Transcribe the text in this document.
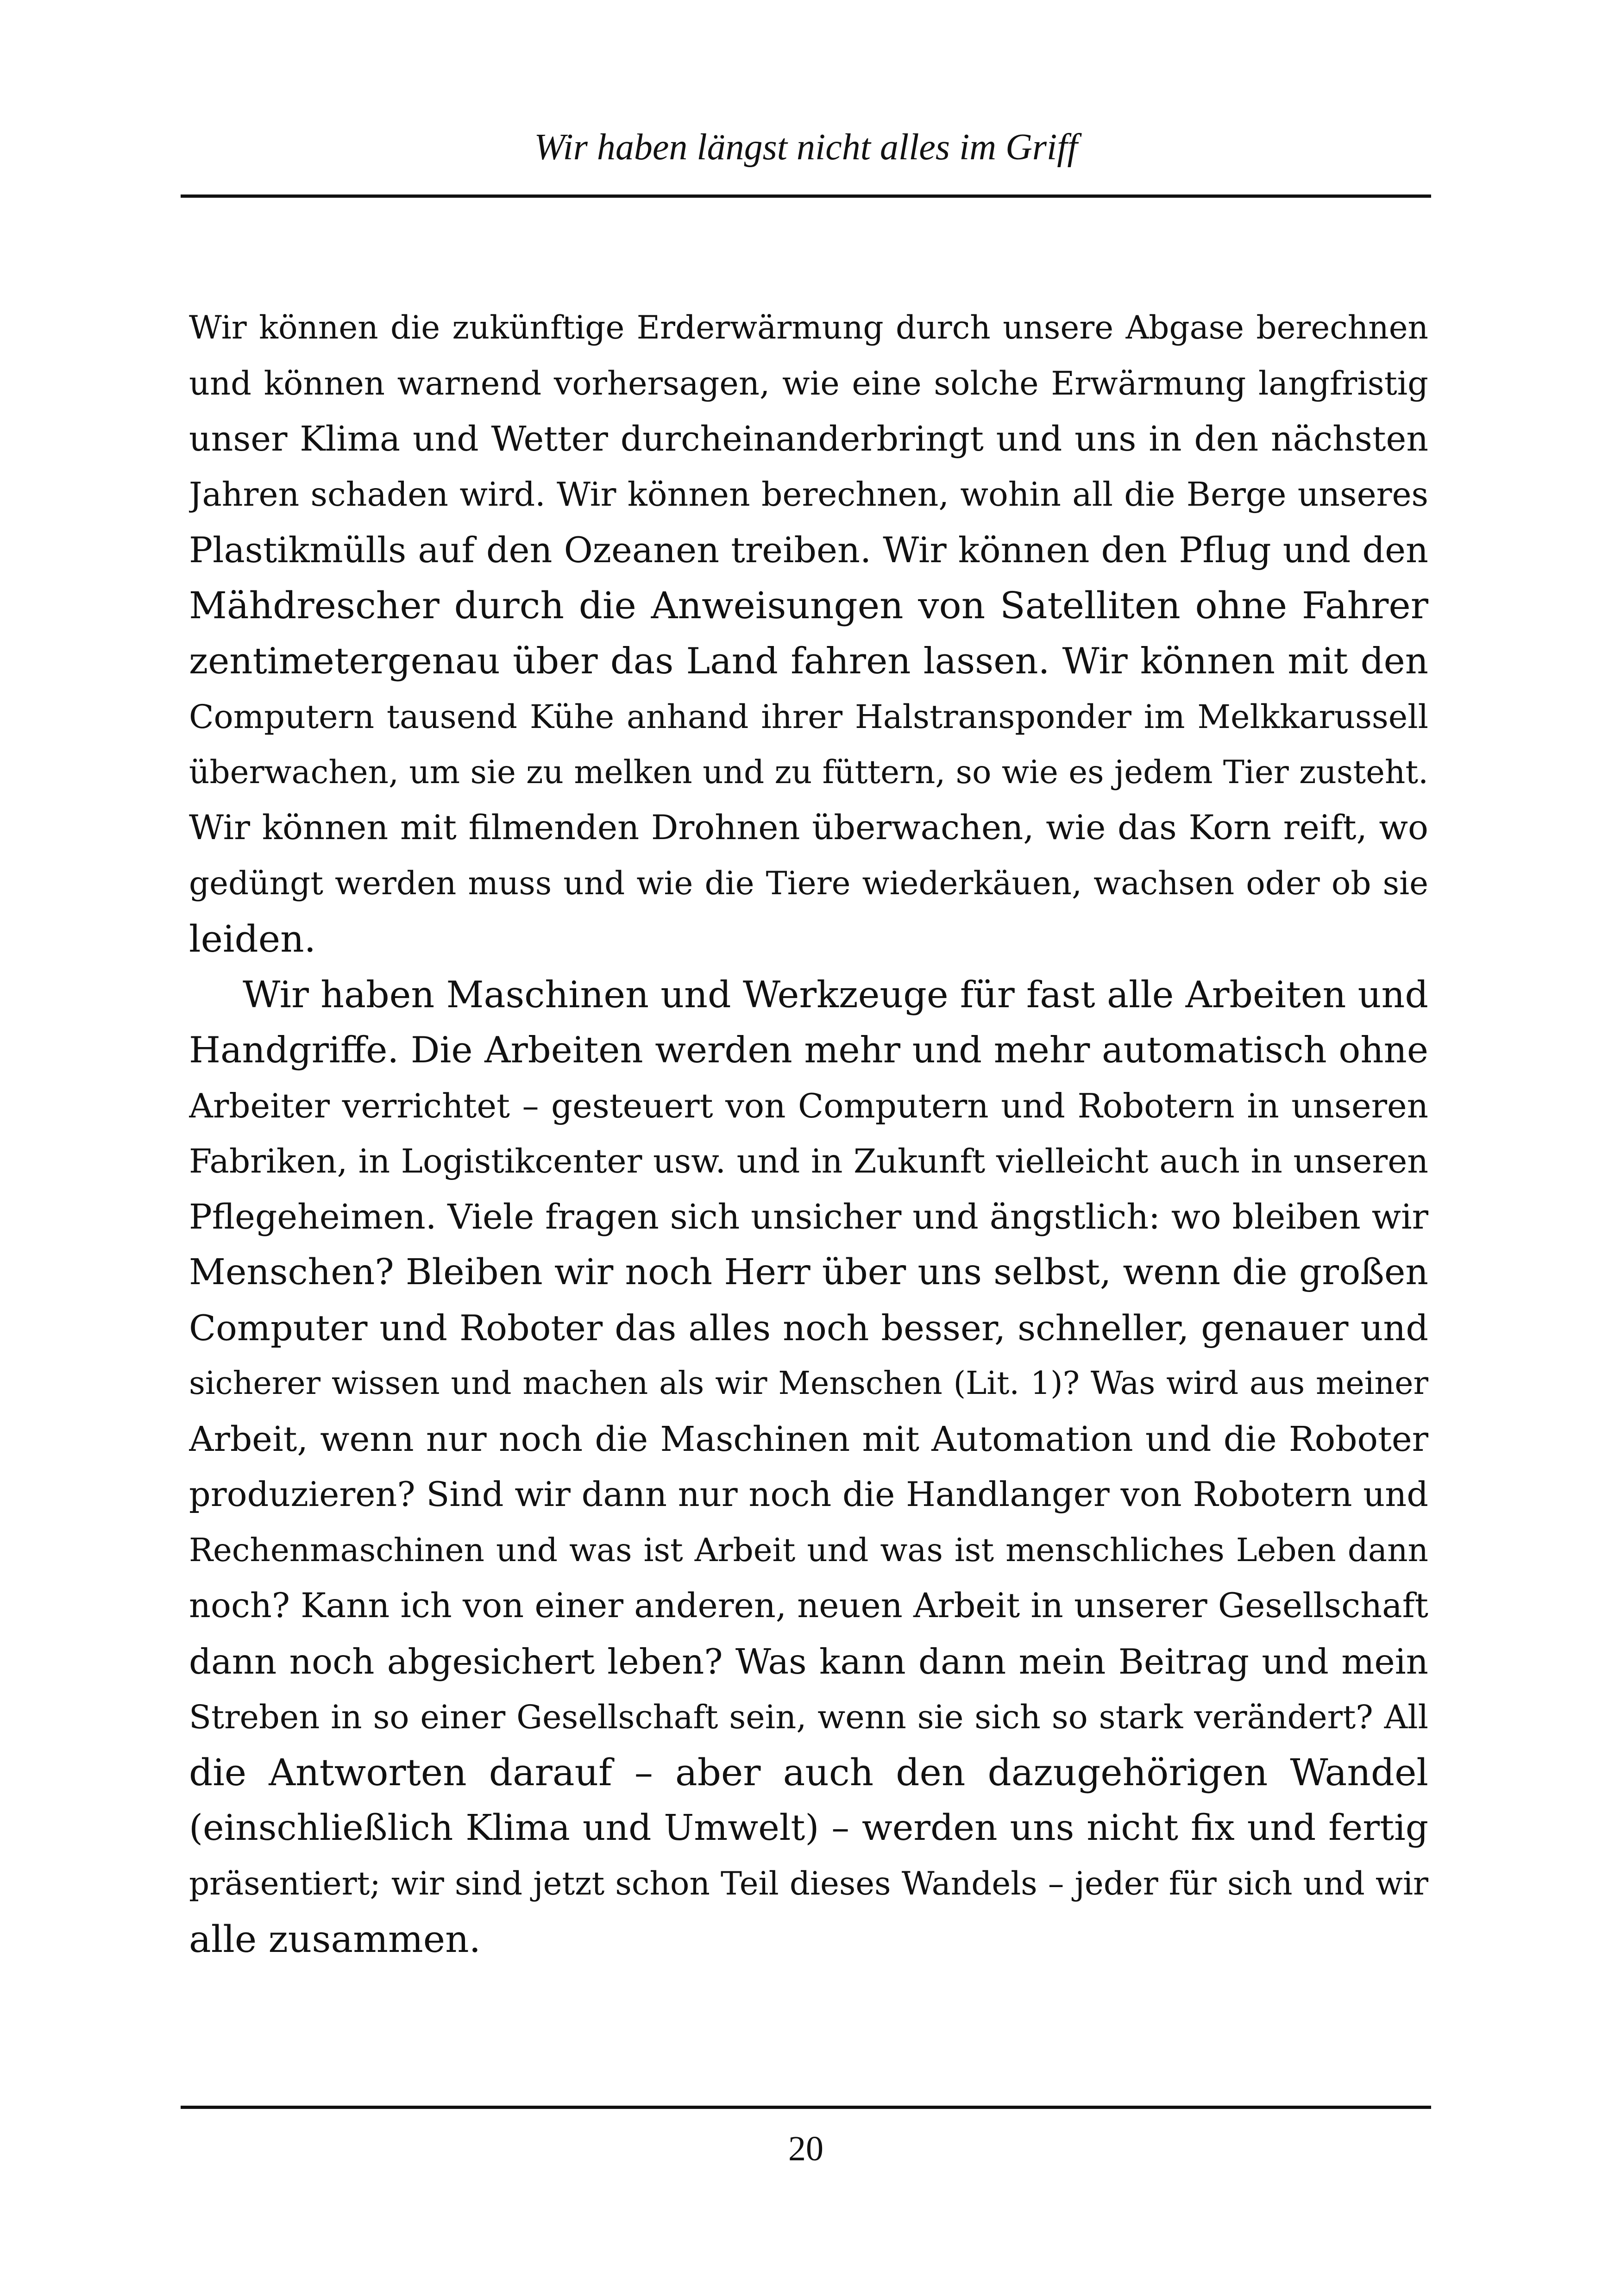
Wir haben längst nicht alles im Griff
Wir können die zukünftige Erderwärmung durch unsere Abgase berechnen
und können warnend vorhersagen, wie eine solche Erwärmung langfristig
unser Klima und Wetter durcheinanderbringt und uns in den nächsten
Jahren schaden wird. Wir können berechnen, wohin all die Berge unseres
Plastikmülls auf den Ozeanen treiben. Wir können den Pflug und den
Mähdrescher durch die Anweisungen von Satelliten ohne Fahrer
zentimetergenau über das Land fahren lassen. Wir können mit den
Computern tausend Kühe anhand ihrer Halstransponder im Melkkarussell
überwachen, um sie zu melken und zu füttern, so wie es jedem Tier zusteht.
Wir können mit filmenden Drohnen überwachen, wie das Korn reift, wo
gedüngt werden muss und wie die Tiere wiederkäuen, wachsen oder ob sie
leiden.
Wir haben Maschinen und Werkzeuge für fast alle Arbeiten und
Handgriffe. Die Arbeiten werden mehr und mehr automatisch ohne
Arbeiter verrichtet – gesteuert von Computern und Robotern in unseren
Fabriken, in Logistikcenter usw. und in Zukunft vielleicht auch in unseren
Pflegeheimen. Viele fragen sich unsicher und ängstlich: wo bleiben wir
Menschen? Bleiben wir noch Herr über uns selbst, wenn die großen
Computer und Roboter das alles noch besser, schneller, genauer und
sicherer wissen und machen als wir Menschen (Lit. 1)? Was wird aus meiner
Arbeit, wenn nur noch die Maschinen mit Automation und die Roboter
produzieren? Sind wir dann nur noch die Handlanger von Robotern und
Rechenmaschinen und was ist Arbeit und was ist menschliches Leben dann
noch? Kann ich von einer anderen, neuen Arbeit in unserer Gesellschaft
dann noch abgesichert leben? Was kann dann mein Beitrag und mein
Streben in so einer Gesellschaft sein, wenn sie sich so stark verändert? All
die Antworten darauf – aber auch den dazugehörigen Wandel
(einschließlich Klima und Umwelt) – werden uns nicht fix und fertig
präsentiert; wir sind jetzt schon Teil dieses Wandels – jeder für sich und wir
alle zusammen.
20
